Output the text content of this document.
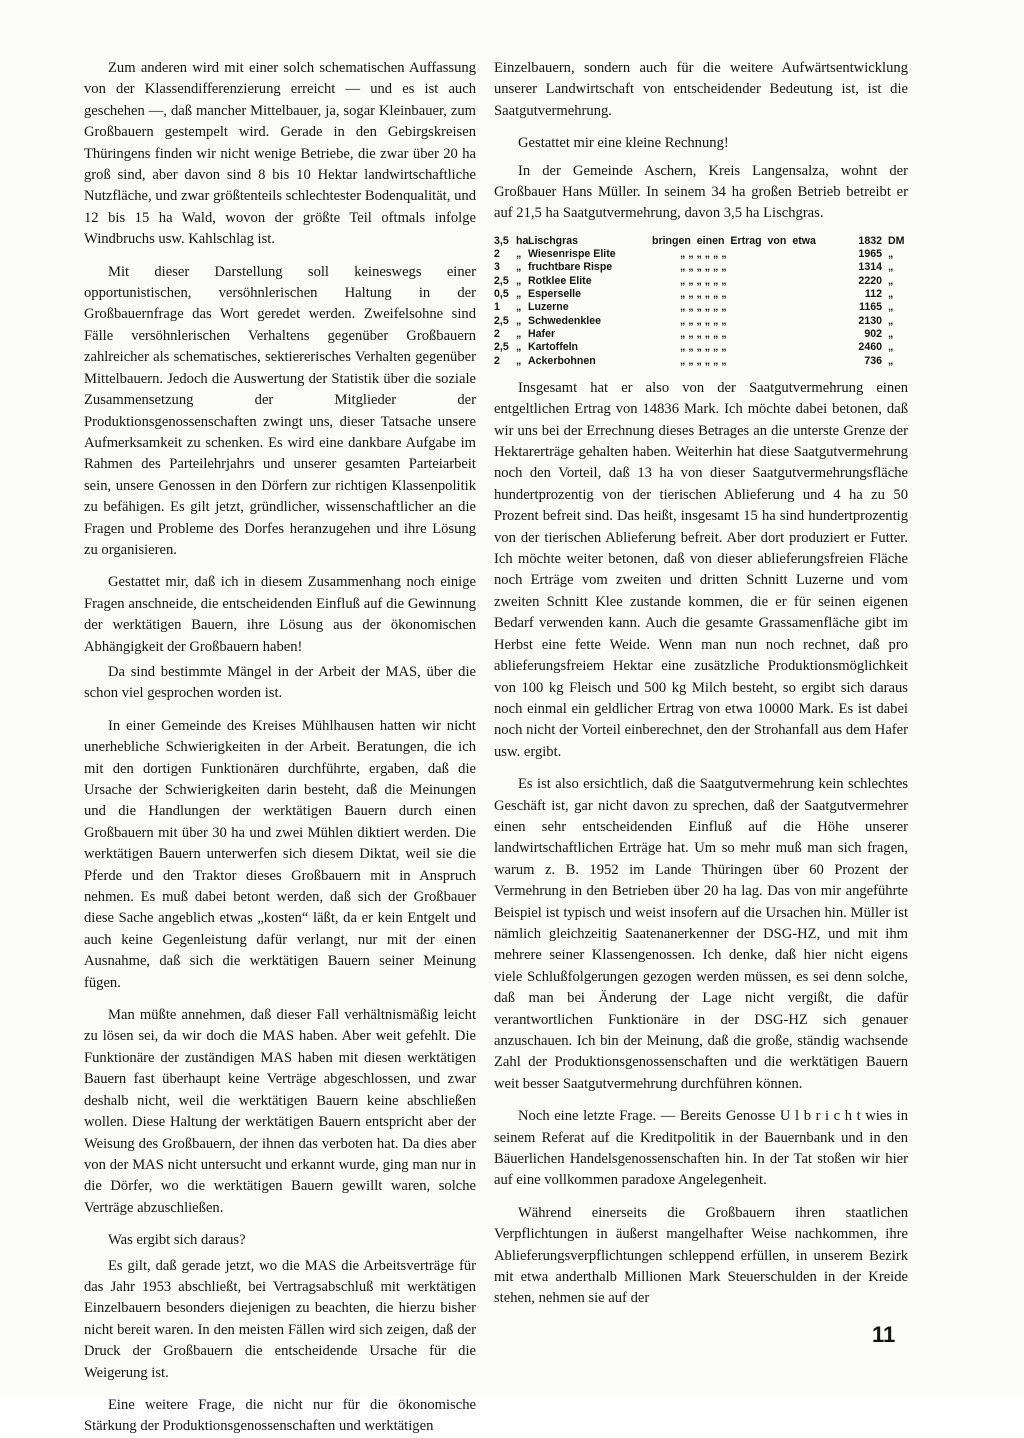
Zum anderen wird mit einer solch schematischen Auffassung von der Klassendifferenzierung erreicht — und es ist auch geschehen —, daß mancher Mittelbauer, ja, sogar Kleinbauer, zum Großbauern gestempelt wird. Gerade in den Gebirgskreisen Thüringens finden wir nicht wenige Betriebe, die zwar über 20 ha groß sind, aber davon sind 8 bis 10 Hektar landwirtschaftliche Nutzfläche, und zwar größtenteils schlechtester Bodenqualität, und 12 bis 15 ha Wald, wovon der größte Teil oftmals infolge Windbruchs usw. Kahlschlag ist.

Mit dieser Darstellung soll keineswegs einer opportunistischen, versöhnlerischen Haltung in der Großbauernfrage das Wort geredet werden. Zweifelsohne sind Fälle versöhnlerischen Verhaltens gegenüber Großbauern zahlreicher als schematisches, sektiererisches Verhalten gegenüber Mittelbauern. Jedoch die Auswertung der Statistik über die soziale Zusammensetzung der Mitglieder der Produktionsgenossenschaften zwingt uns, dieser Tatsache unsere Aufmerksamkeit zu schenken. Es wird eine dankbare Aufgabe im Rahmen des Parteilehrjahrs und unserer gesamten Parteiarbeit sein, unsere Genossen in den Dörfern zur richtigen Klassenpolitik zu befähigen. Es gilt jetzt, gründlicher, wissenschaftlicher an die Fragen und Probleme des Dorfes heranzugehen und ihre Lösung zu organisieren.

Gestattet mir, daß ich in diesem Zusammenhang noch einige Fragen anschneide, die entscheidenden Einfluß auf die Gewinnung der werktätigen Bauern, ihre Lösung aus der ökonomischen Abhängigkeit der Großbauern haben!

Da sind bestimmte Mängel in der Arbeit der MAS, über die schon viel gesprochen worden ist.

In einer Gemeinde des Kreises Mühlhausen hatten wir nicht unerhebliche Schwierigkeiten in der Arbeit. Beratungen, die ich mit den dortigen Funktionären durchführte, ergaben, daß die Ursache der Schwierigkeiten darin besteht, daß die Meinungen und die Handlungen der werktätigen Bauern durch einen Großbauern mit über 30 ha und zwei Mühlen diktiert werden. Die werktätigen Bauern unterwerfen sich diesem Diktat, weil sie die Pferde und den Traktor dieses Großbauern mit in Anspruch nehmen. Es muß dabei betont werden, daß sich der Großbauer diese Sache angeblich etwas „kosten“ läßt, da er kein Entgelt und auch keine Gegenleistung dafür verlangt, nur mit der einen Ausnahme, daß sich die werktätigen Bauern seiner Meinung fügen.

Man müßte annehmen, daß dieser Fall verhältnismäßig leicht zu lösen sei, da wir doch die MAS haben. Aber weit gefehlt. Die Funktionäre der zuständigen MAS haben mit diesen werktätigen Bauern fast überhaupt keine Verträge abgeschlossen, und zwar deshalb nicht, weil die werktätigen Bauern keine abschließen wollen. Diese Haltung der werktätigen Bauern entspricht aber der Weisung des Großbauern, der ihnen das verboten hat. Da dies aber von der MAS nicht untersucht und erkannt wurde, ging man nur in die Dörfer, wo die werktätigen Bauern gewillt waren, solche Verträge abzuschließen.

Was ergibt sich daraus?

Es gilt, daß gerade jetzt, wo die MAS die Arbeitsverträge für das Jahr 1953 abschließt, bei Vertragsabschluß mit werktätigen Einzelbauern besonders diejenigen zu beachten, die hierzu bisher nicht bereit waren. In den meisten Fällen wird sich zeigen, daß der Druck der Großbauern die entscheidende Ursache für die Weigerung ist.

Eine weitere Frage, die nicht nur für die ökonomische Stärkung der Produktionsgenossenschaften und werktätigen

Einzelbauern, sondern auch für die weitere Aufwärtsentwicklung unserer Landwirtschaft von entscheidender Bedeutung ist, ist die Saatgutvermehrung.

Gestattet mir eine kleine Rechnung!

In der Gemeinde Aschern, Kreis Langensalza, wohnt der Großbauer Hans Müller. In seinem 34 ha großen Betrieb betreibt er auf 21,5 ha Saatgutvermehrung, davon 3,5 ha Lischgras.

3,5 ha Lischgras	bringen einen Ertrag von etwa	1832 DM
2 „ Wiesenrispe Elite	„ „ „ „ „ „	1965 „
3 „ fruchtbare Rispe	„ „ „ „ „ „	1314 „
2,5 „ Rotklee Elite	„ „ „ „ „ „	2220 „
0,5 „ Esperselle	„ „ „ „ „ „	112 „
1 „ Luzerne	„ „ „ „ „ „	1165 „
2,5 „ Schwedenklee	„ „ „ „ „ „	2130 „
2 „ Hafer	„ „ „ „ „ „	902 „
2,5 „ Kartoffeln	„ „ „ „ „ „	2460 „
2 „ Ackerbohnen	„ „ „ „ „ „	736 „

Insgesamt hat er also von der Saatgutvermehrung einen entgeltlichen Ertrag von 14836 Mark. Ich möchte dabei betonen, daß wir uns bei der Errechnung dieses Betrages an die unterste Grenze der Hektarerträge gehalten haben. Weiterhin hat diese Saatgutvermehrung noch den Vorteil, daß 13 ha von dieser Saatgutvermehrungsfläche hundertprozentig von der tierischen Ablieferung und 4 ha zu 50 Prozent befreit sind. Das heißt, insgesamt 15 ha sind hundertprozentig von der tierischen Ablieferung befreit. Aber dort produziert er Futter. Ich möchte weiter betonen, daß von dieser ablieferungsfreien Fläche noch Erträge vom zweiten und dritten Schnitt Luzerne und vom zweiten Schnitt Klee zustande kommen, die er für seinen eigenen Bedarf verwenden kann. Auch die gesamte Grassamenfläche gibt im Herbst eine fette Weide. Wenn man nun noch rechnet, daß pro ablieferungsfreiem Hektar eine zusätzliche Produktionsmöglichkeit von 100 kg Fleisch und 500 kg Milch besteht, so ergibt sich daraus noch einmal ein geldlicher Ertrag von etwa 10000 Mark. Es ist dabei noch nicht der Vorteil einberechnet, den der Strohanfall aus dem Hafer usw. ergibt.

Es ist also ersichtlich, daß die Saatgutvermehrung kein schlechtes Geschäft ist, gar nicht davon zu sprechen, daß der Saatgutvermehrer einen sehr entscheidenden Einfluß auf die Höhe unserer landwirtschaftlichen Erträge hat. Um so mehr muß man sich fragen, warum z. B. 1952 im Lande Thüringen über 60 Prozent der Vermehrung in den Betrieben über 20 ha lag. Das von mir angeführte Beispiel ist typisch und weist insofern auf die Ursachen hin. Müller ist nämlich gleichzeitig Saatenanerkenner der DSG-HZ, und mit ihm mehrere seiner Klassengenossen. Ich denke, daß hier nicht eigens viele Schlußfolgerungen gezogen werden müssen, es sei denn solche, daß man bei Änderung der Lage nicht vergißt, die dafür verantwortlichen Funktionäre in der DSG-HZ sich genauer anzuschauen. Ich bin der Meinung, daß die große, ständig wachsende Zahl der Produktionsgenossenschaften und die werktätigen Bauern weit besser Saatgutvermehrung durchführen können.

Noch eine letzte Frage. — Bereits Genosse U l b r i c h t wies in seinem Referat auf die Kreditpolitik in der Bauernbank und in den Bäuerlichen Handelsgenossenschaften hin. In der Tat stoßen wir hier auf eine vollkommen paradoxe Angelegenheit.

Während einerseits die Großbauern ihren staatlichen Verpflichtungen in äußerst mangelhafter Weise nachkommen, ihre Ablieferungsverpflichtungen schleppend erfüllen, in unserem Bezirk mit etwa anderthalb Millionen Mark Steuerschulden in der Kreide stehen, nehmen sie auf der

11
